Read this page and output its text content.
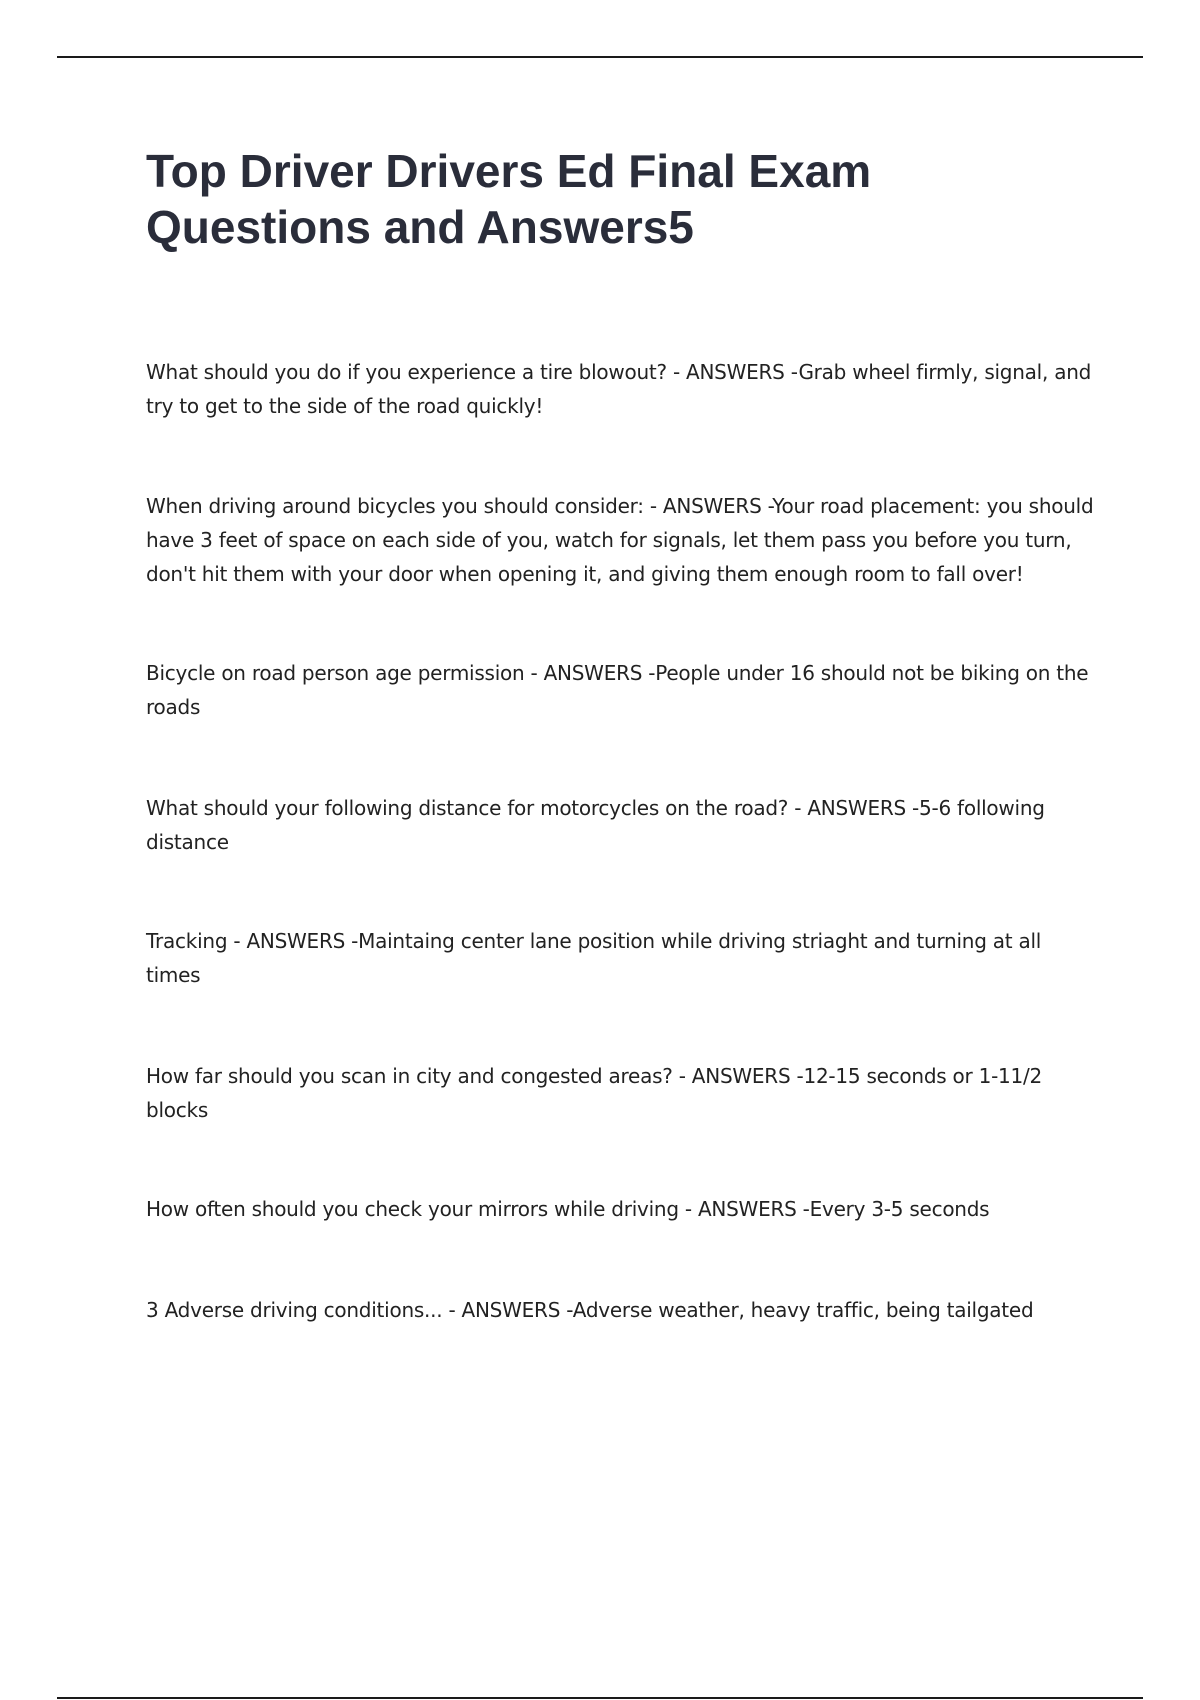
Top Driver Drivers Ed Final Exam Questions and Answers5

What should you do if you experience a tire blowout? - ANSWERS -Grab wheel firmly, signal, and try to get to the side of the road quickly!

When driving around bicycles you should consider: - ANSWERS -Your road placement: you should have 3 feet of space on each side of you, watch for signals, let them pass you before you turn, don't hit them with your door when opening it, and giving them enough room to fall over!

Bicycle on road person age permission - ANSWERS -People under 16 should not be biking on the roads

What should your following distance for motorcycles on the road? - ANSWERS -5-6 following distance

Tracking - ANSWERS -Maintaing center lane position while driving striaght and turning at all times

How far should you scan in city and congested areas? - ANSWERS -12-15 seconds or 1-11/2 blocks

How often should you check your mirrors while driving - ANSWERS -Every 3-5 seconds

3 Adverse driving conditions... - ANSWERS -Adverse weather, heavy traffic, being tailgated
